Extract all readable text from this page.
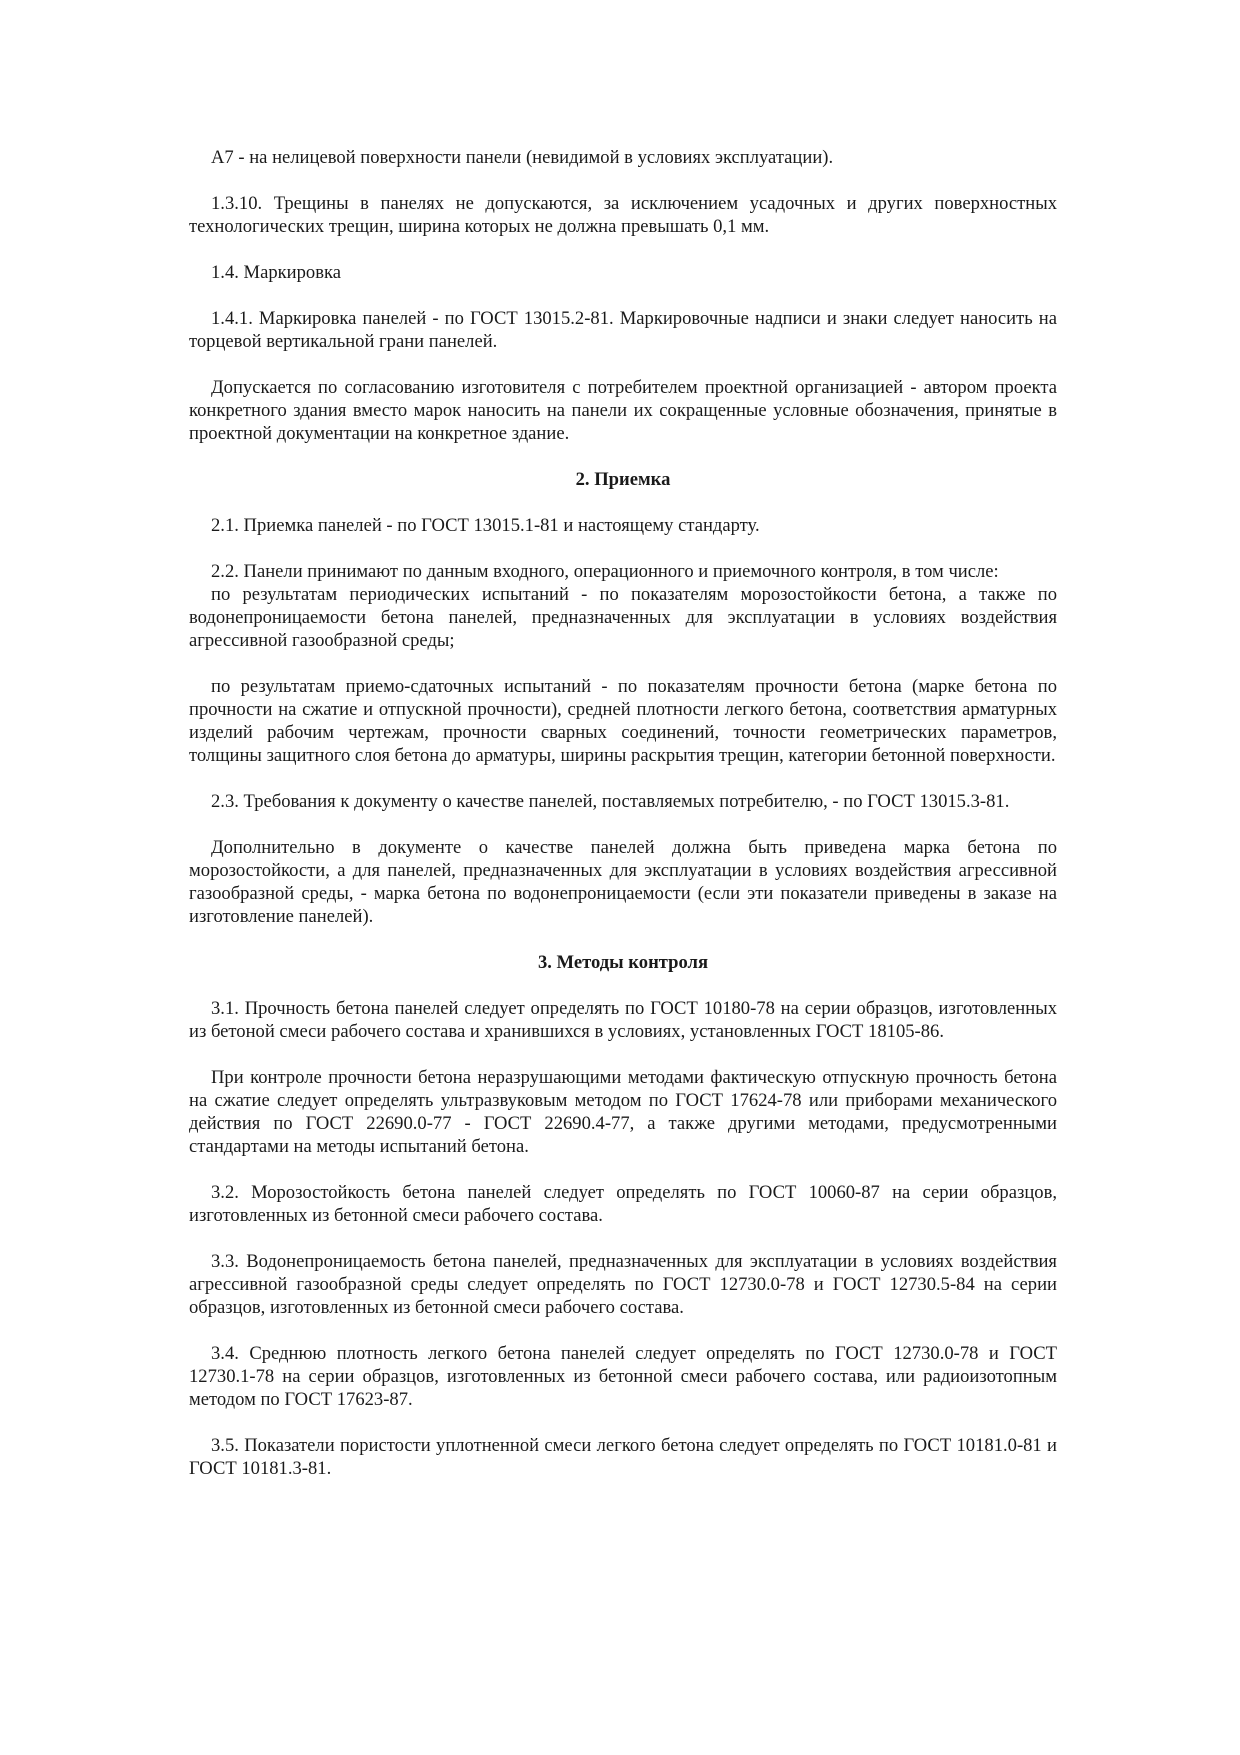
А7 - на нелицевой поверхности панели (невидимой в условиях эксплуатации).

1.3.10. Трещины в панелях не допускаются, за исключением усадочных и других поверхностных технологических трещин, ширина которых не должна превышать 0,1 мм.

1.4. Маркировка

1.4.1. Маркировка панелей - по ГОСТ 13015.2-81. Маркировочные надписи и знаки следует наносить на торцевой вертикальной грани панелей.

Допускается по согласованию изготовителя с потребителем проектной организацией - автором проекта конкретного здания вместо марок наносить на панели их сокращенные условные обозначения, принятые в проектной документации на конкретное здание.

2. Приемка

2.1. Приемка панелей - по ГОСТ 13015.1-81 и настоящему стандарту.

2.2. Панели принимают по данным входного, операционного и приемочного контроля, в том числе:

по результатам периодических испытаний - по показателям морозостойкости бетона, а также по водонепроницаемости бетона панелей, предназначенных для эксплуатации в условиях воздействия агрессивной газообразной среды;

по результатам приемо-сдаточных испытаний - по показателям прочности бетона (марке бетона по прочности на сжатие и отпускной прочности), средней плотности легкого бетона, соответствия арматурных изделий рабочим чертежам, прочности сварных соединений, точности геометрических параметров, толщины защитного слоя бетона до арматуры, ширины раскрытия трещин, категории бетонной поверхности.

2.3. Требования к документу о качестве панелей, поставляемых потребителю, - по ГОСТ 13015.3-81.

Дополнительно в документе о качестве панелей должна быть приведена марка бетона по морозостойкости, а для панелей, предназначенных для эксплуатации в условиях воздействия агрессивной газообразной среды, - марка бетона по водонепроницаемости (если эти показатели приведены в заказе на изготовление панелей).

3. Методы контроля

3.1. Прочность бетона панелей следует определять по ГОСТ 10180-78 на серии образцов, изготовленных из бетоной смеси рабочего состава и хранившихся в условиях, установленных ГОСТ 18105-86.

При контроле прочности бетона неразрушающими методами фактическую отпускную прочность бетона на сжатие следует определять ультразвуковым методом по ГОСТ 17624-78 или приборами механического действия по ГОСТ 22690.0-77 - ГОСТ 22690.4-77, а также другими методами, предусмотренными стандартами на методы испытаний бетона.

3.2. Морозостойкость бетона панелей следует определять по ГОСТ 10060-87 на серии образцов, изготовленных из бетонной смеси рабочего состава.

3.3. Водонепроницаемость бетона панелей, предназначенных для эксплуатации в условиях воздействия агрессивной газообразной среды следует определять по ГОСТ 12730.0-78 и ГОСТ 12730.5-84 на серии образцов, изготовленных из бетонной смеси рабочего состава.

3.4. Среднюю плотность легкого бетона панелей следует определять по ГОСТ 12730.0-78 и ГОСТ 12730.1-78 на серии образцов, изготовленных из бетонной смеси рабочего состава, или радиоизотопным методом по ГОСТ 17623-87.

3.5. Показатели пористости уплотненной смеси легкого бетона следует определять по ГОСТ 10181.0-81 и ГОСТ 10181.3-81.
